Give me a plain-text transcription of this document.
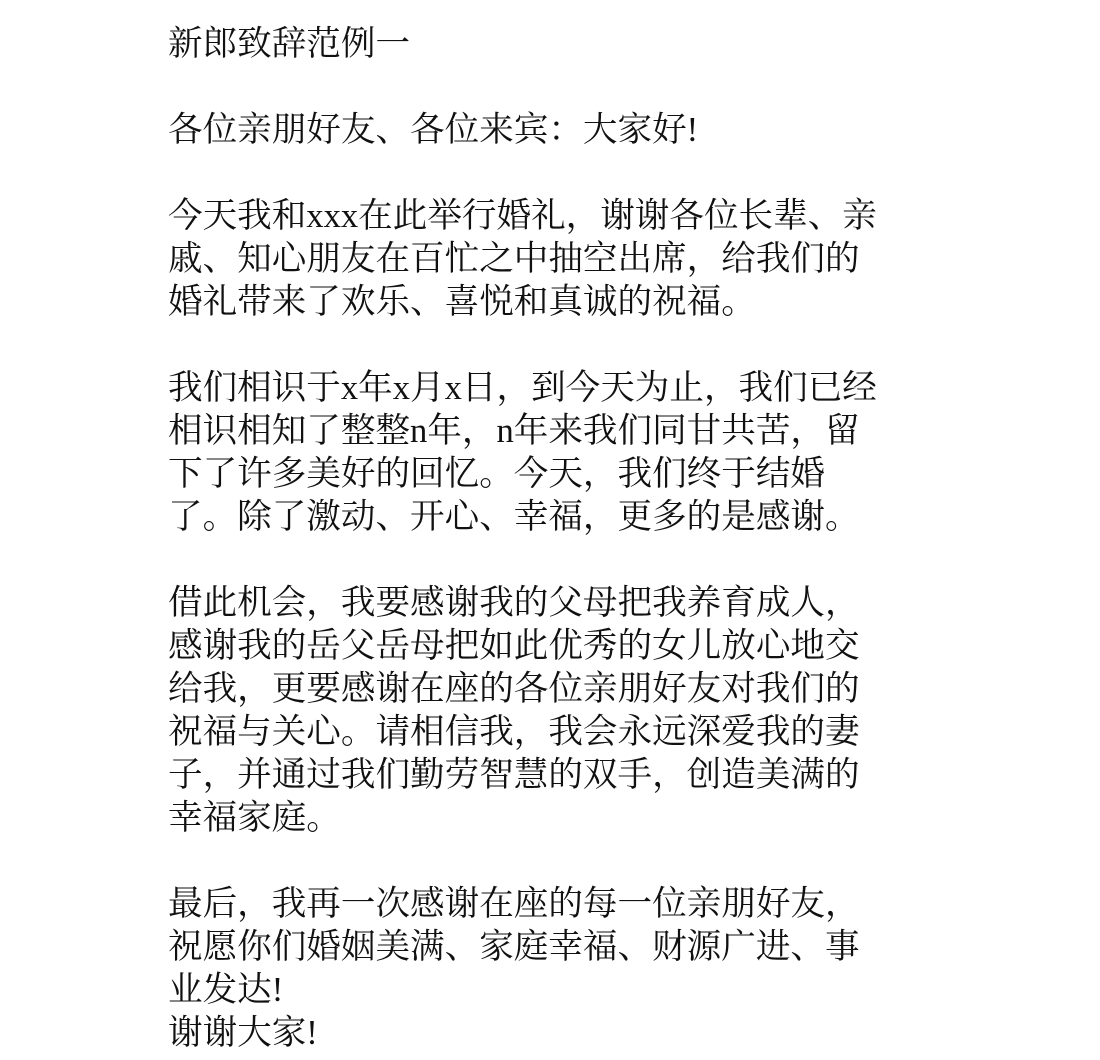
新郎致辞范例一
各位亲朋好友、各位来宾：大家好!
今天我和xxx在此举行婚礼，谢谢各位长辈、亲
戚、知心朋友在百忙之中抽空出席，给我们的
婚礼带来了欢乐、喜悦和真诚的祝福。
我们相识于x年x月x日，到今天为止，我们已经
相识相知了整整n年，n年来我们同甘共苦，留
下了许多美好的回忆。今天，我们终于结婚
了。除了激动、开心、幸福，更多的是感谢。
借此机会，我要感谢我的父母把我养育成人，
感谢我的岳父岳母把如此优秀的女儿放心地交
给我，更要感谢在座的各位亲朋好友对我们的
祝福与关心。请相信我，我会永远深爱我的妻
子，并通过我们勤劳智慧的双手，创造美满的
幸福家庭。
最后，我再一次感谢在座的每一位亲朋好友，
祝愿你们婚姻美满、家庭幸福、财源广进、事
业发达!
谢谢大家!
